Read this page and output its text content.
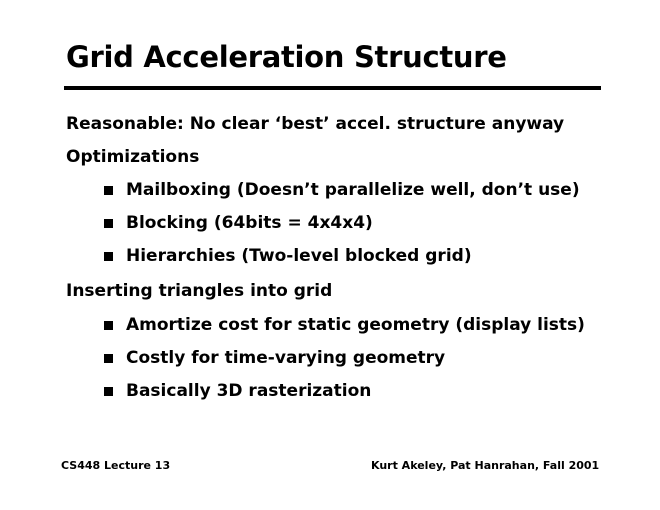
Grid Acceleration Structure
Reasonable: No clear ‘best’ accel. structure anyway
Optimizations
Mailboxing (Doesn’t parallelize well, don’t use)
Blocking (64bits = 4x4x4)
Hierarchies (Two-level blocked grid)
Inserting triangles into grid
Amortize cost for static geometry (display lists)
Costly for time-varying geometry
Basically 3D rasterization
CS448 Lecture 13	Kurt Akeley, Pat Hanrahan, Fall 2001
